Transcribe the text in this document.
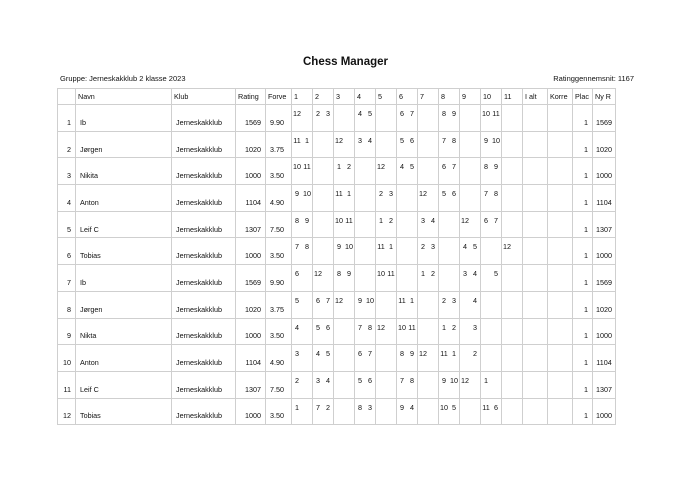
Chess Manager
Gruppe: Jerneskakklub 2 klasse 2023	Ratinggennemsnit: 1167
	Navn	Klub	Rating	Forve	1	2	3	4	5	6	7	8	9	10	11	I alt	Korre	Plac	Ny R
1	Ib	Jerneskakklub	1569	9.90	12	2 3		4 5		6 7		8 9		10 11				1	1569
2	Jørgen	Jerneskakklub	1020	3.75	11 1		12	3 4		5 6		7 8		9 10				1	1020
3	Nikita	Jerneskakklub	1000	3.50	10 11		1 2		12	4 5		6 7		8 9				1	1000
4	Anton	Jerneskakklub	1104	4.90	9 10		11 1		2 3		12	5 6		7 8				1	1104
5	Leif C	Jerneskakklub	1307	7.50	8 9		10 11		1 2		3 4		12	6 7				1	1307
6	Tobias	Jerneskakklub	1000	3.50	7 8		9 10		11 1		2 3		4 5		12			1	1000
7	Ib	Jerneskakklub	1569	9.90	6	12	8 9		10 11		1 2		3 4	5				1	1569
8	Jørgen	Jerneskakklub	1020	3.75	5	6 7	12	9 10		11 1		2 3	4					1	1020
9	Nikta	Jerneskakklub	1000	3.50	4	5 6		7 8	12	10 11		1 2	3					1	1000
10	Anton	Jerneskakklub	1104	4.90	3	4 5		6 7		8 9	12	11 1	2					1	1104
11	Leif C	Jerneskakklub	1307	7.50	2	3 4		5 6		7 8		9 10	12	1				1	1307
12	Tobias	Jerneskakklub	1000	3.50	1	7 2		8 3		9 4		10 5		11 6				1	1000
